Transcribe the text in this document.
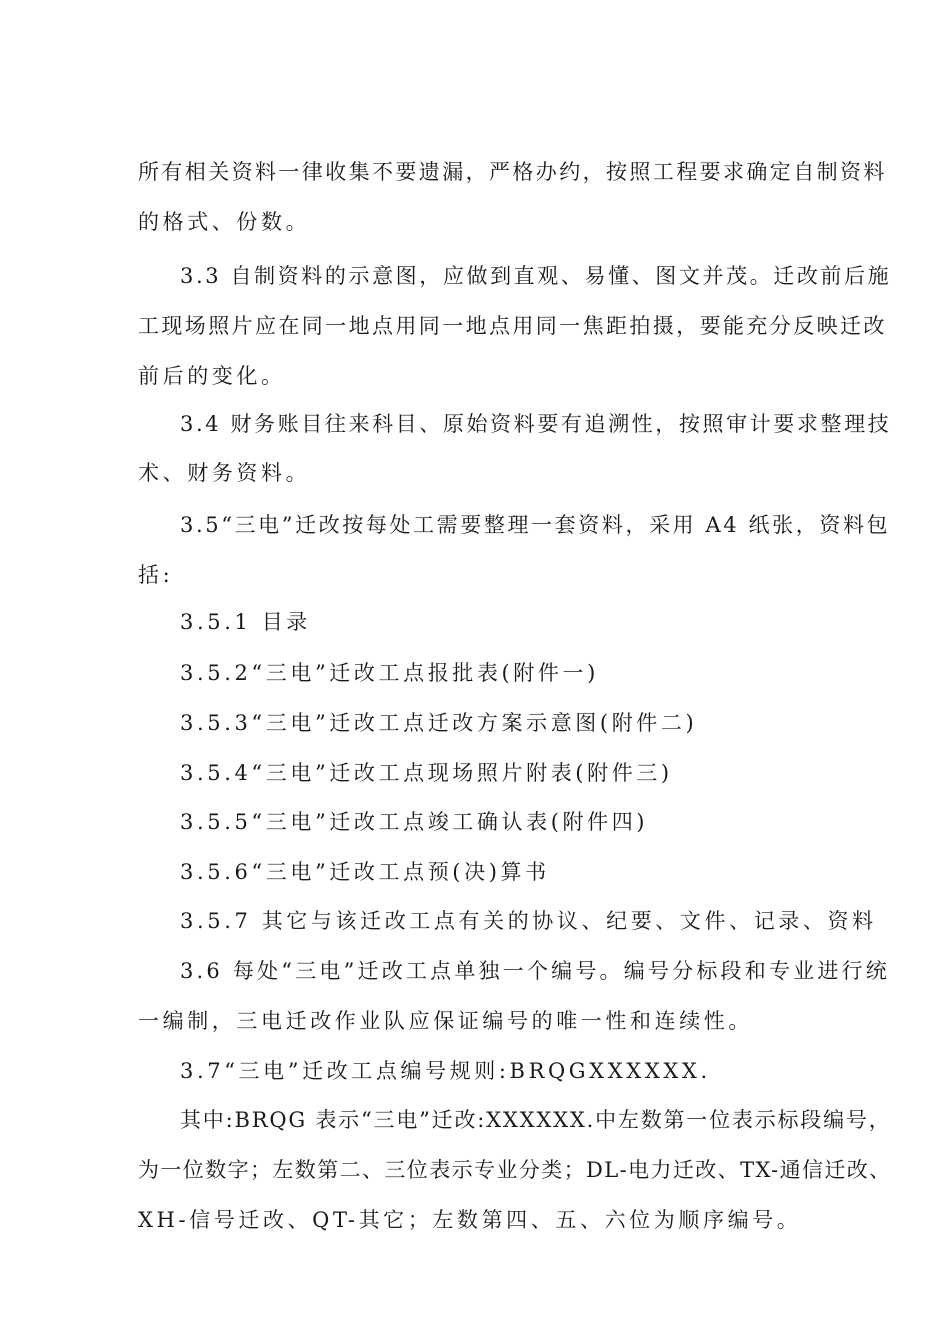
所有相关资料一律收集不要遗漏，严格办约，按照工程要求确定自制资料
的格式、份数。
3.3 自制资料的示意图，应做到直观、易懂、图文并茂。迁改前后施
工现场照片应在同一地点用同一地点用同一焦距拍摄，要能充分反映迁改
前后的变化。
3.4 财务账目往来科目、原始资料要有追溯性，按照审计要求整理技
术、财务资料。
3.5“三电”迁改按每处工需要整理一套资料，采用 A4 纸张，资料包
括:
3.5.1 目录
3.5.2“三电”迁改工点报批表(附件一)
3.5.3“三电”迁改工点迁改方案示意图(附件二)
3.5.4“三电”迁改工点现场照片附表(附件三)
3.5.5“三电”迁改工点竣工确认表(附件四)
3.5.6“三电”迁改工点预(决)算书
3.5.7 其它与该迁改工点有关的协议、纪要、文件、记录、资料
3.6 每处“三电”迁改工点单独一个编号。编号分标段和专业进行统
一编制，三电迁改作业队应保证编号的唯一性和连续性。
3.7“三电”迁改工点编号规则:BRQGXXXXXX.
其中:BRQG 表示“三电”迁改:XXXXXX.中左数第一位表示标段编号，
为一位数字；左数第二、三位表示专业分类；DL-电力迁改、TX-通信迁改、
XH-信号迁改、QT-其它；左数第四、五、六位为顺序编号。
